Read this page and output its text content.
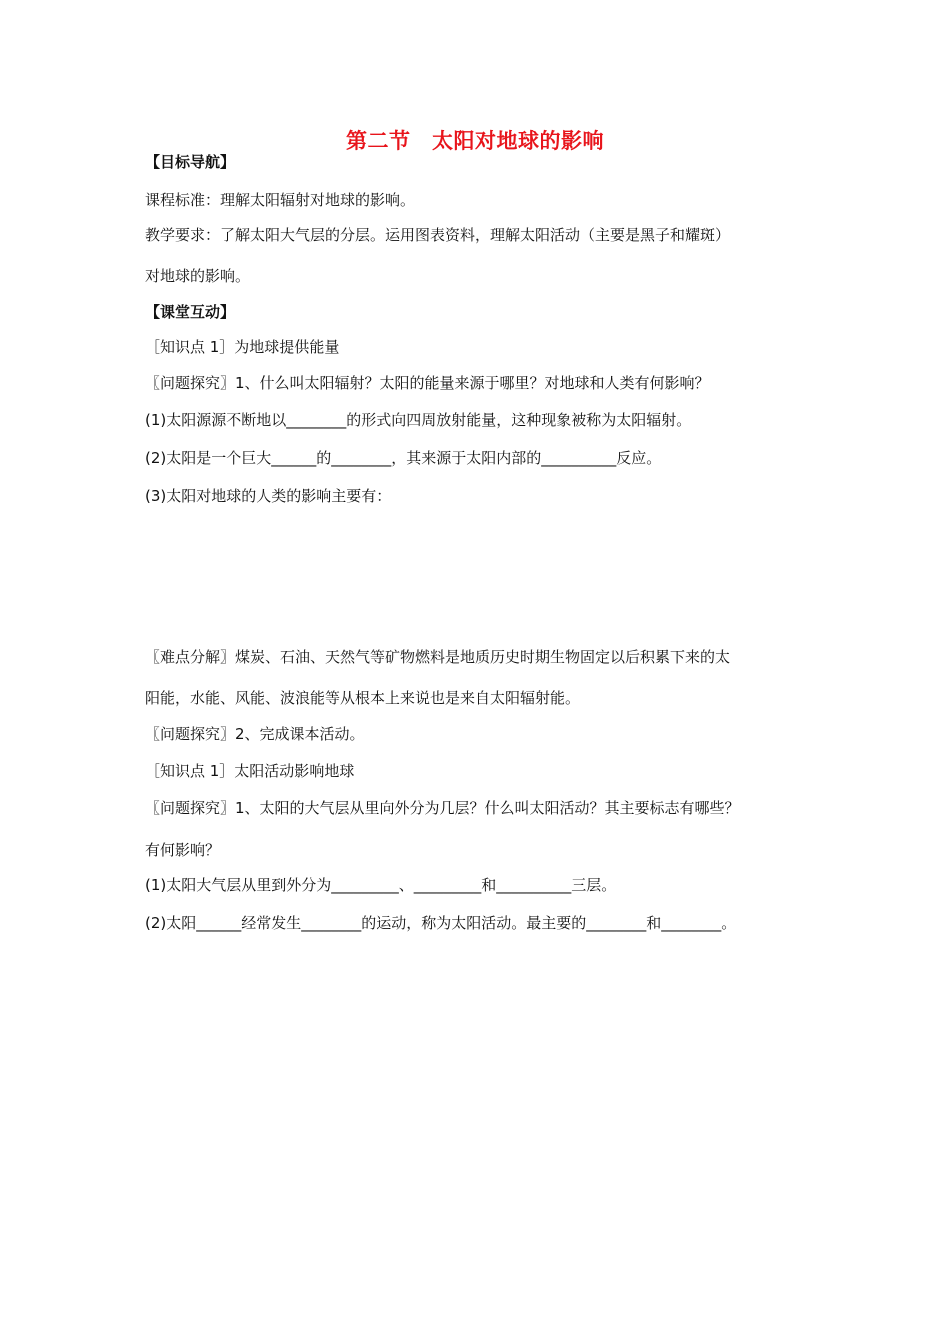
第二节　太阳对地球的影响
【目标导航】
课程标准：理解太阳辐射对地球的影响。
教学要求：了解太阳大气层的分层。运用图表资料，理解太阳活动（主要是黑子和耀斑）
对地球的影响。
【课堂互动】
［知识点 1］为地球提供能量
〖问题探究〗1、什么叫太阳辐射？太阳的能量来源于哪里？对地球和人类有何影响？
(1)太阳源源不断地以________的形式向四周放射能量，这种现象被称为太阳辐射。
(2)太阳是一个巨大______的________，其来源于太阳内部的__________反应。
(3)太阳对地球的人类的影响主要有：
〖难点分解〗煤炭、石油、天然气等矿物燃料是地质历史时期生物固定以后积累下来的太
阳能，水能、风能、波浪能等从根本上来说也是来自太阳辐射能。
〖问题探究〗2、完成课本活动。
［知识点 1］太阳活动影响地球
〖问题探究〗1、太阳的大气层从里向外分为几层？什么叫太阳活动？其主要标志有哪些？
有何影响？
(1)太阳大气层从里到外分为_________、_________和__________三层。
(2)太阳______经常发生________的运动，称为太阳活动。最主要的________和________。
